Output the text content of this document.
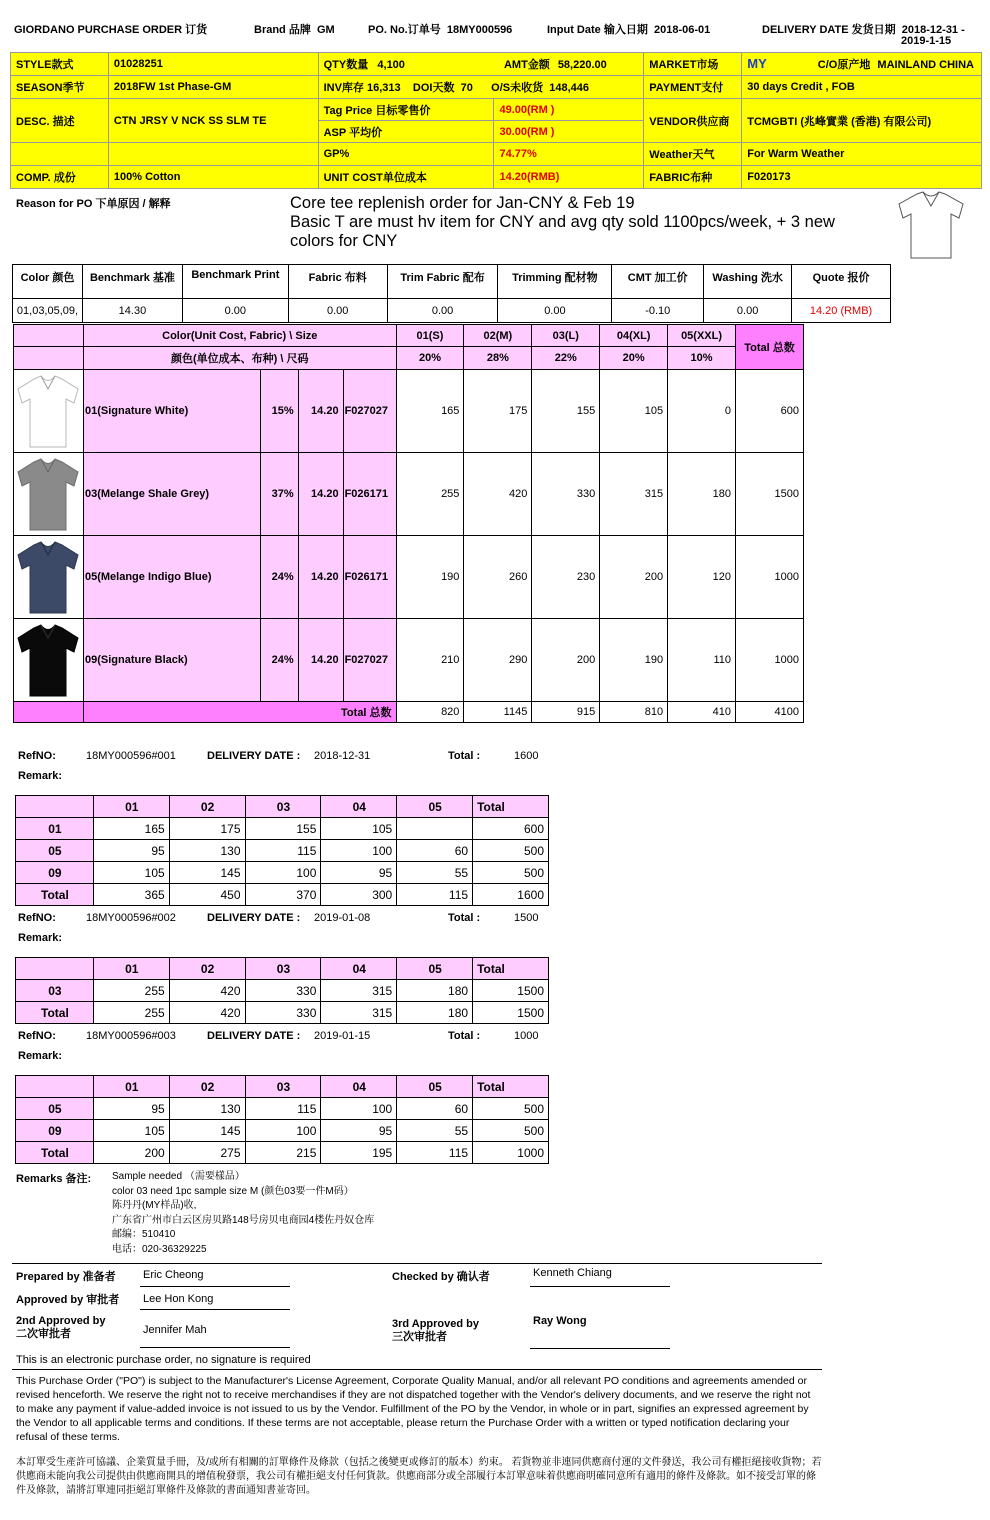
GIORDANO PURCHASE ORDER 订货	Brand 品牌 GM	PO. No.订单号 18MY000596	Input Date 输入日期 2018-06-01	DELIVERY DATE 发货日期 2018-12-31 -
2019-1-15
STYLE款式	01028251	QTY数量 4,100 AMT金额 58,220.00		MARKET市场	MY C/O原产地 MAINLAND CHINA
SEASON季节	2018FW 1st Phase-GM	INV库存 16,313 DOI天数 70 O/S未收货 148,446		PAYMENT支付	30 days Credit , FOB
DESC. 描述	CTN JRSY V NCK SS SLM TE	Tag Price 目标零售价	49.00(RM )	VENDOR供应商	TCMGBTI (兆峰實業 (香港) 有限公司)
		ASP 平均价	30.00(RM )		
		GP%	74.77%	Weather天气	For Warm Weather
COMP. 成份	100% Cotton	UNIT COST单位成本	14.20(RMB)	FABRIC布种	F020173
Reason for PO 下单原因 / 解释	Core tee replenish order for Jan-CNY & Feb 19
Basic T are must hv item for CNY and avg qty sold 1100pcs/week, + 3 new
colors for CNY
Color 颜色	Benchmark 基准	Benchmark Print	Fabric 布料	Trim Fabric 配布	Trimming 配材物	CMT 加工价	Washing 洗水	Quote 报价
01,03,05,09,	14.30	0.00	0.00	0.00	0.00	-0.10	0.00	14.20 (RMB)
	Color(Unit Cost, Fabric) \ Size				01(S)	02(M)	03(L)	04(XL)	05(XXL)	Total 总数
	颜色(单位成本、布种) \ 尺码				20%	28%	22%	20%	10%	

	01(Signature White)	15%	14.20	F027027	165	175	155	105	0	600

	03(Melange Shale Grey)	37%	14.20	F026171	255	420	330	315	180	1500

	05(Melange Indigo Blue)	24%	14.20	F026171	190	260	230	200	120	1000

	09(Signature Black)	24%	14.20	F027027	210	290	200	190	110	1000
	Total 总数				820	1145	915	810	410	4100
RefNO:	18MY000596#001	DELIVERY DATE : 2018-12-31	Total :	1600
Remark:
	01	02	03	04	05	Total
01	165	175	155	105		600
05	95	130	115	100	60	500
09	105	145	100	95	55	500
Total	365	450	370	300	115	1600
RefNO:	18MY000596#002	DELIVERY DATE : 2019-01-08	Total :	1500
Remark:
	01	02	03	04	05	Total
03	255	420	330	315	180	1500
Total	255	420	330	315	180	1500
RefNO:	18MY000596#003	DELIVERY DATE : 2019-01-15	Total :	1000
Remark:
	01	02	03	04	05	Total
05	95	130	115	100	60	500
09	105	145	100	95	55	500
Total	200	275	215	195	115	1000
Remarks 备注: Sample needed （需要樣品）
color 03 need 1pc sample size M (颜色03要一件M码）
陈丹丹(MY样品)收,
广东省广州市白云区房贝路148号房贝电商园4楼佐丹奴仓库
邮编：510410
电话：020-36329225
Prepared by 准备者 Eric Cheong	Checked by 确认者	Kenneth Chiang
Approved by 审批者 Lee Hon Kong
2nd Approved by
二次审批者	Jennifer Mah	3rd Approved by
三次审批者
Ray Wong
This is an electronic purchase order, no signature is required
This Purchase Order ("PO") is subject to the Manufacturer's License Agreement, Corporate Quality Manual, and/or all relevant PO conditions and agreements amended or revised henceforth. We reserve the right not to receive merchandises if they are not dispatched together with the Vendor's delivery documents, and we reserve the right not to make any payment if value-added invoice is not issued to us by the Vendor. Fulfillment of the PO by the Vendor, in whole or in part, signifies an expressed agreement by the Vendor to all applicable terms and conditions. If these terms are not acceptable, please return the Purchase Order with a written or typed notification declaring your refusal of these terms.
本訂單受生產許可協議、企業質量手冊，及/或所有相關的訂單條件及條款（包括之後變更或修訂的版本）約束。 若貨物並非連同供應商付運的文件發送，我公司有權拒絕接收貨物；若供應商未能向我公司提供由供應商開具的增值稅發票，我公司有權拒絕支付任何貨款。供應商部分或全部履行本訂單意味着供應商明確同意所有適用的條件及條款。如不接受訂單的條件及條款，請將訂單連同拒絕訂單條件及條款的書面通知書並寄回。
